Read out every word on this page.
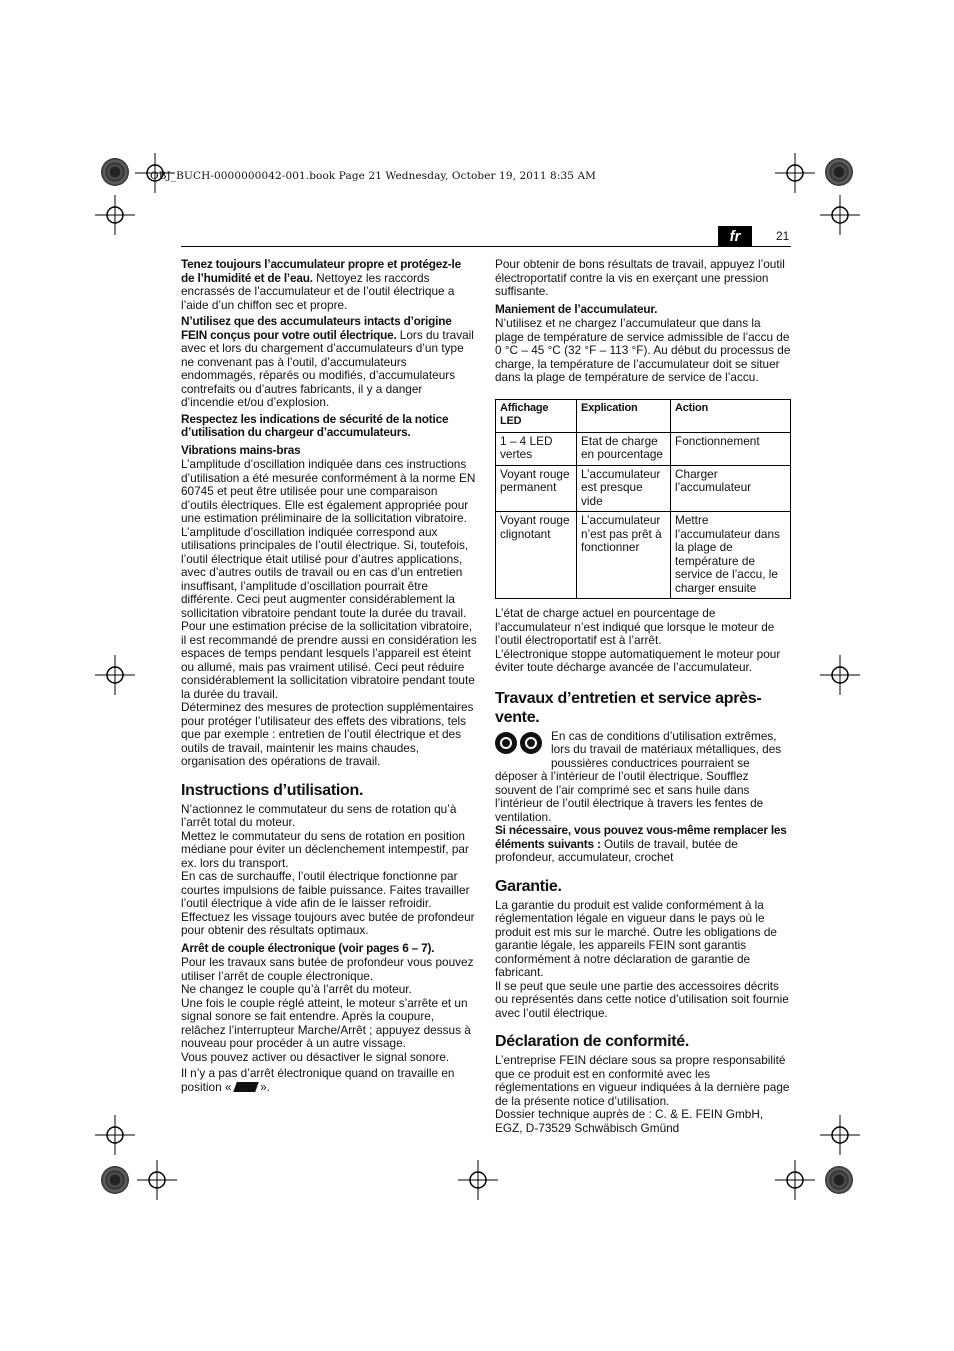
OBJ_BUCH-0000000042-001.book Page 21 Wednesday, October 19, 2011 8:35 AM
fr	21

Tenez toujours l’accumulateur propre et protégez-le de l’humidité et de l’eau. Nettoyez les raccords encrassés de l’accumulateur et de l’outil électrique a l’aide d’un chiffon sec et propre.

N’utilisez que des accumulateurs intacts d’origine FEIN conçus pour votre outil électrique. Lors du travail avec et lors du chargement d’accumulateurs d’un type ne convenant pas à l’outil, d’accumulateurs endommagés, réparés ou modifiés, d’accumulateurs contrefaits ou d’autres fabricants, il y a danger d’incendie et/ou d’explosion.

Respectez les indications de sécurité de la notice d’utilisation du chargeur d’accumulateurs.

Vibrations mains-bras

L’amplitude d’oscillation indiquée dans ces instructions d’utilisation a été mesurée conformément à la norme EN 60745 et peut être utilisée pour une comparaison d’outils électriques. Elle est également appropriée pour une estimation préliminaire de la sollicitation vibratoire.

L’amplitude d’oscillation indiquée correspond aux utilisations principales de l’outil électrique. Si, toutefois, l’outil électrique était utilisé pour d’autres applications, avec d’autres outils de travail ou en cas d’un entretien insuffisant, l’amplitude d’oscillation pourrait être différente. Ceci peut augmenter considérablement la sollicitation vibratoire pendant toute la durée du travail.

Pour une estimation précise de la sollicitation vibratoire, il est recommandé de prendre aussi en considération les espaces de temps pendant lesquels l’appareil est éteint ou allumé, mais pas vraiment utilisé. Ceci peut réduire considérablement la sollicitation vibratoire pendant toute la durée du travail.

Déterminez des mesures de protection supplémentaires pour protéger l’utilisateur des effets des vibrations, tels que par exemple : entretien de l’outil électrique et des outils de travail, maintenir les mains chaudes, organisation des opérations de travail.

Instructions d’utilisation.

N’actionnez le commutateur du sens de rotation qu’à l’arrêt total du moteur.

Mettez le commutateur du sens de rotation en position médiane pour éviter un déclenchement intempestif, par ex. lors du transport.

En cas de surchauffe, l’outil électrique fonctionne par courtes impulsions de faible puissance. Faites travailler l’outil électrique à vide afin de le laisser refroidir.

Effectuez les vissage toujours avec butée de profondeur pour obtenir des résultats optimaux.

Arrêt de couple électronique (voir pages 6 – 7).

Pour les travaux sans butée de profondeur vous pouvez utiliser l’arrêt de couple électronique.

Ne changez le couple qu’à l’arrêt du moteur.

Une fois le couple réglé atteint, le moteur s’arrête et un signal sonore se fait entendre. Après la coupure, relâchez l’interrupteur Marche/Arrêt ; appuyez dessus à nouveau pour procéder à un autre vissage.

Vous pouvez activer ou désactiver le signal sonore.

Il n’y a pas d’arrêt électronique quand on travaille en position « ».

Pour obtenir de bons résultats de travail, appuyez l’outil électroportatif contre la vis en exerçant une pression suffisante.

Maniement de l’accumulateur.

N’utilisez et ne chargez l’accumulateur que dans la plage de température de service admissible de l’accu de 0 °C – 45 °C (32 °F – 113 °F). Au début du processus de charge, la température de l’accumulateur doit se situer dans la plage de température de service de l’accu.

Affichage LED	Explication	Action
1 – 4 LED vertes	Etat de charge en pourcentage	Fonctionnement
Voyant rouge permanent	L’accumulateur est presque vide	Charger l’accumulateur
Voyant rouge clignotant	L’accumulateur n’est pas prêt à fonctionner	Mettre l’accumulateur dans la plage de température de service de l’accu, le charger ensuite

L’état de charge actuel en pourcentage de l’accumulateur n’est indiqué que lorsque le moteur de l’outil électroportatif est à l’arrêt.

L’électronique stoppe automatiquement le moteur pour éviter toute décharge avancée de l’accumulateur.

Travaux d’entretien et service après-vente.

En cas de conditions d’utilisation extrêmes, lors du travail de matériaux métalliques, des poussières conductrices pourraient se déposer à l’intérieur de l’outil électrique. Soufflez souvent de l’air comprimé sec et sans huile dans l’intérieur de l’outil électrique à travers les fentes de ventilation.

Si nécessaire, vous pouvez vous-même remplacer les éléments suivants : Outils de travail, butée de profondeur, accumulateur, crochet

Garantie.

La garantie du produit est valide conformément à la réglementation légale en vigueur dans le pays où le produit est mis sur le marché. Outre les obligations de garantie légale, les appareils FEIN sont garantis conformément à notre déclaration de garantie de fabricant.

Il se peut que seule une partie des accessoires décrits ou représentés dans cette notice d’utilisation soit fournie avec l’outil électrique.

Déclaration de conformité.

L’entreprise FEIN déclare sous sa propre responsabilité que ce produit est en conformité avec les réglementations en vigueur indiquées à la dernière page de la présente notice d’utilisation.

Dossier technique auprès de : C. & E. FEIN GmbH, EGZ, D-73529 Schwäbisch Gmünd
